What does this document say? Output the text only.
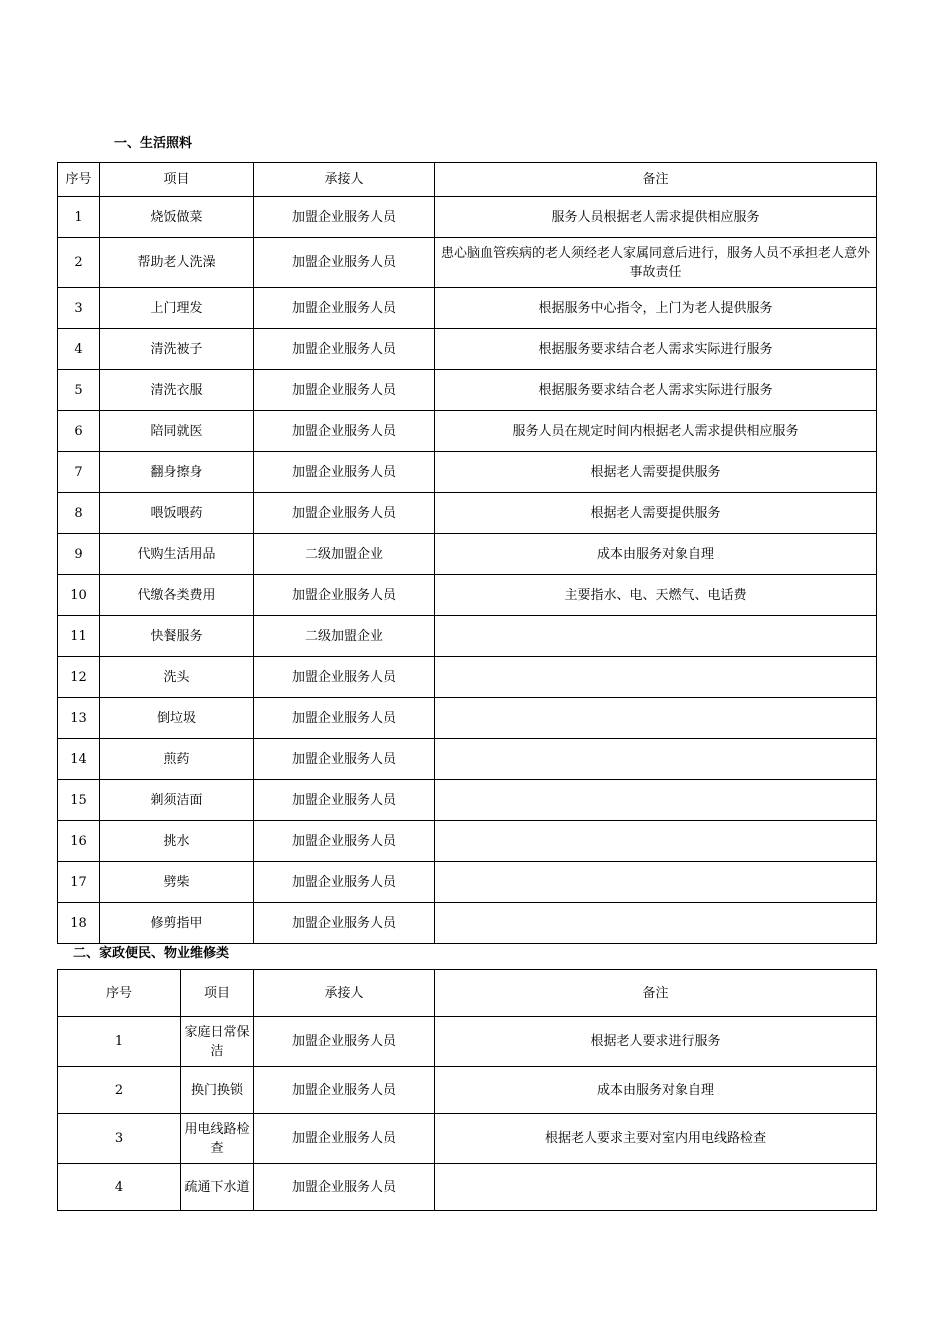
一、生活照料
序号	项目	承接人	备注
1	烧饭做菜	加盟企业服务人员	服务人员根据老人需求提供相应服务
2	帮助老人洗澡	加盟企业服务人员	患心脑血管疾病的老人须经老人家属同意后进行，服务人员不承担老人意外事故责任
3	上门理发	加盟企业服务人员	根据服务中心指令，上门为老人提供服务
4	清洗被子	加盟企业服务人员	根据服务要求结合老人需求实际进行服务
5	清洗衣服	加盟企业服务人员	根据服务要求结合老人需求实际进行服务
6	陪同就医	加盟企业服务人员	服务人员在规定时间内根据老人需求提供相应服务
7	翻身擦身	加盟企业服务人员	根据老人需要提供服务
8	喂饭喂药	加盟企业服务人员	根据老人需要提供服务
9	代购生活用品	二级加盟企业	成本由服务对象自理
10	代缴各类费用	加盟企业服务人员	主要指水、电、天燃气、电话费
11	快餐服务	二级加盟企业	
12	洗头	加盟企业服务人员	
13	倒垃圾	加盟企业服务人员	
14	煎药	加盟企业服务人员	
15	剃须洁面	加盟企业服务人员	
16	挑水	加盟企业服务人员	
17	劈柴	加盟企业服务人员	
18	修剪指甲	加盟企业服务人员	
二、家政便民、物业维修类
序号	项目	承接人	备注
1	家庭日常保洁	加盟企业服务人员	根据老人要求进行服务
2	换门换锁	加盟企业服务人员	成本由服务对象自理
3	用电线路检查	加盟企业服务人员	根据老人要求主要对室内用电线路检查
4	疏通下水道	加盟企业服务人员	
